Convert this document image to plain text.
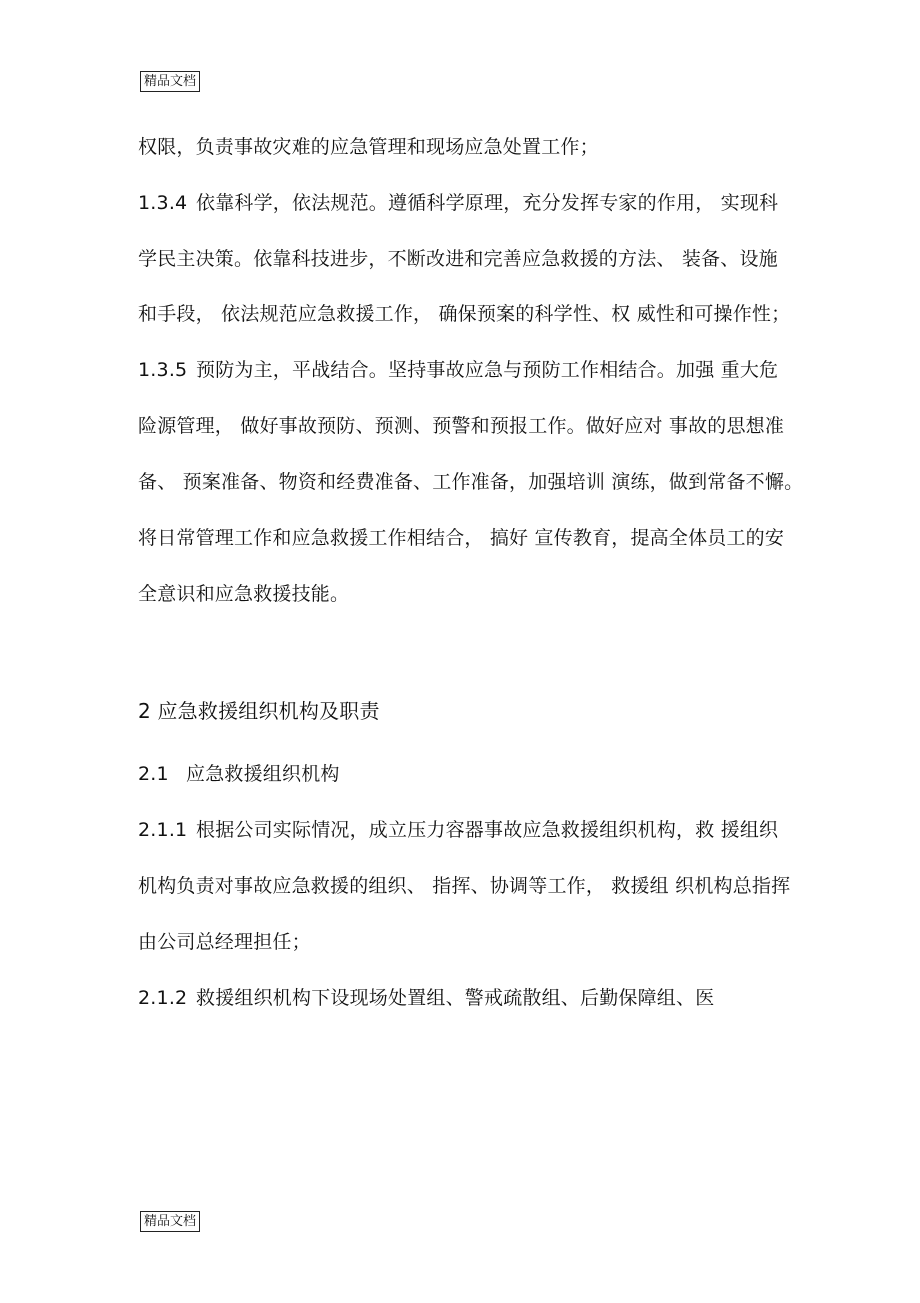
精品文档
权限，负责事故灾难的应急管理和现场应急处置工作；
1.3.4 依靠科学，依法规范。遵循科学原理，充分发挥专家的作用， 实现科
学民主决策。依靠科技进步，不断改进和完善应急救援的方法、 装备、设施
和手段， 依法规范应急救援工作， 确保预案的科学性、权 威性和可操作性；
1.3.5 预防为主，平战结合。坚持事故应急与预防工作相结合。加强 重大危
险源管理， 做好事故预防、预测、预警和预报工作。做好应对 事故的思想准
备、 预案准备、物资和经费准备、工作准备，加强培训 演练，做到常备不懈。
将日常管理工作和应急救援工作相结合， 搞好 宣传教育，提高全体员工的安
全意识和应急救援技能。
2 应急救援组织机构及职责
2.1 应急救援组织机构
2.1.1 根据公司实际情况，成立压力容器事故应急救援组织机构，救 援组织
机构负责对事故应急救援的组织、 指挥、协调等工作， 救援组 织机构总指挥
由公司总经理担任；
2.1.2 救援组织机构下设现场处置组、警戒疏散组、后勤保障组、医
精品文档
